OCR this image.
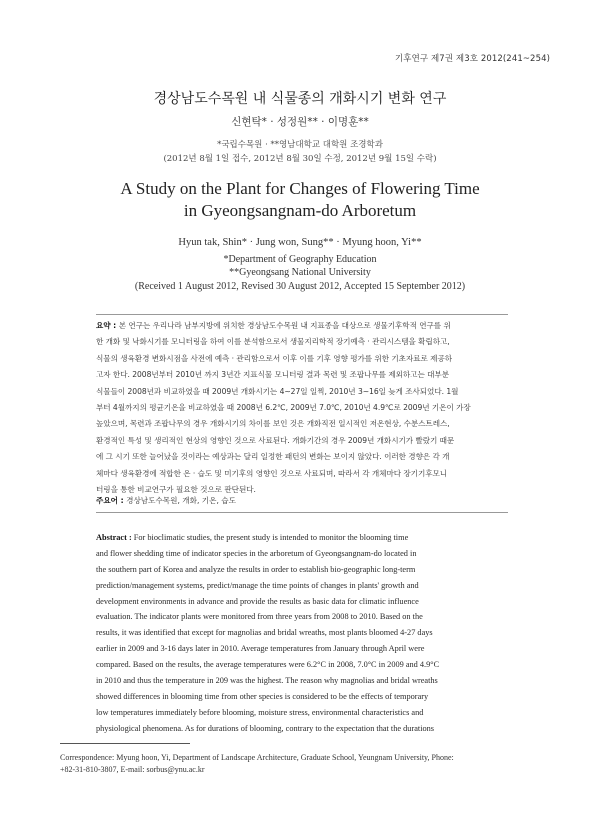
기후연구 제7권 제3호 2012(241~254)
경상남도수목원 내 식물종의 개화시기 변화 연구
신현탁* · 성정원** · 이명훈**
*국립수목원 · **영남대학교 대학원 조경학과
(2012년 8월 1일 접수, 2012년 8월 30일 수정, 2012년 9월 15일 수락)
A Study on the Plant for Changes of Flowering Time
in Gyeongsangnam-do Arboretum
Hyun tak, Shin* · Jung won, Sung** · Myung hoon, Yi**
*Department of Geography Education
**Gyeongsang National University
(Received 1 August 2012, Revised 30 August 2012, Accepted 15 September 2012)
요약 : 본 연구는 우리나라 남부지방에 위치한 경상남도수목원 내 지표종을 대상으로 생물기후학적 연구를 위
한 개화 및 낙화시기를 모니터링을 하여 이를 분석함으로서 생물지리학적 장기예측 · 관리시스템을 확립하고,
식물의 생육환경 변화시점을 사전에 예측 · 관리함으로서 이후 이를 기후 영향 평가를 위한 기초자료로 제공하
고자 한다. 2008년부터 2010년 까지 3년간 지표식물 모니터링 결과 목련 및 조팝나무를 제외하고는 대부분
식물들이 2008년과 비교하였을 때 2009년 개화시기는 4~27일 일찍, 2010년 3~16일 늦게 조사되었다. 1월
부터 4월까지의 평균기온을 비교하였을 때 2008년 6.2℃, 2009년 7.0℃, 2010년 4.9℃로 2009년 기온이 가장
높았으며, 목련과 조팝나무의 경우 개화시기의 차이를 보인 것은 개화직전 일시적인 저온현상, 수분스트레스,
환경적인 특성 및 생리적인 현상의 영향인 것으로 사료된다. 개화기간의 경우 2009년 개화시기가 빨랐기 때문
에 그 시기 또한 늘어났을 것이라는 예상과는 달리 일정한 패턴의 변화는 보이지 않았다. 이러한 경향은 각 개
체마다 생육환경에 적합한 온 · 습도 및 미기후의 영향인 것으로 사료되며, 따라서 각 개체마다 장기기후모니
터링을 통한 비교연구가 필요한 것으로 판단된다.
주요어 : 경상남도수목원, 개화, 기온, 습도
Abstract : For bioclimatic studies, the present study is intended to monitor the blooming time
and flower shedding time of indicator species in the arboretum of Gyeongsangnam-do located in
the southern part of Korea and analyze the results in order to establish bio-geographic long-term
prediction/management systems, predict/manage the time points of changes in plants' growth and
development environments in advance and provide the results as basic data for climatic influence
evaluation. The indicator plants were monitored from three years from 2008 to 2010. Based on the
results, it was identified that except for magnolias and bridal wreaths, most plants bloomed 4-27 days
earlier in 2009 and 3-16 days later in 2010. Average temperatures from January through April were
compared. Based on the results, the average temperatures were 6.2°C in 2008, 7.0°C in 2009 and 4.9°C
in 2010 and thus the temperature in 209 was the highest. The reason why magnolias and bridal wreaths
showed differences in blooming time from other species is considered to be the effects of temporary
low temperatures immediately before blooming, moisture stress, environmental characteristics and
physiological phenomena. As for durations of blooming, contrary to the expectation that the durations
Correspondence: Myung hoon, Yi, Department of Landscape Architecture, Graduate School, Yeungnam University, Phone:
+82-31-810-3807, E-mail: sorbus@ynu.ac.kr
